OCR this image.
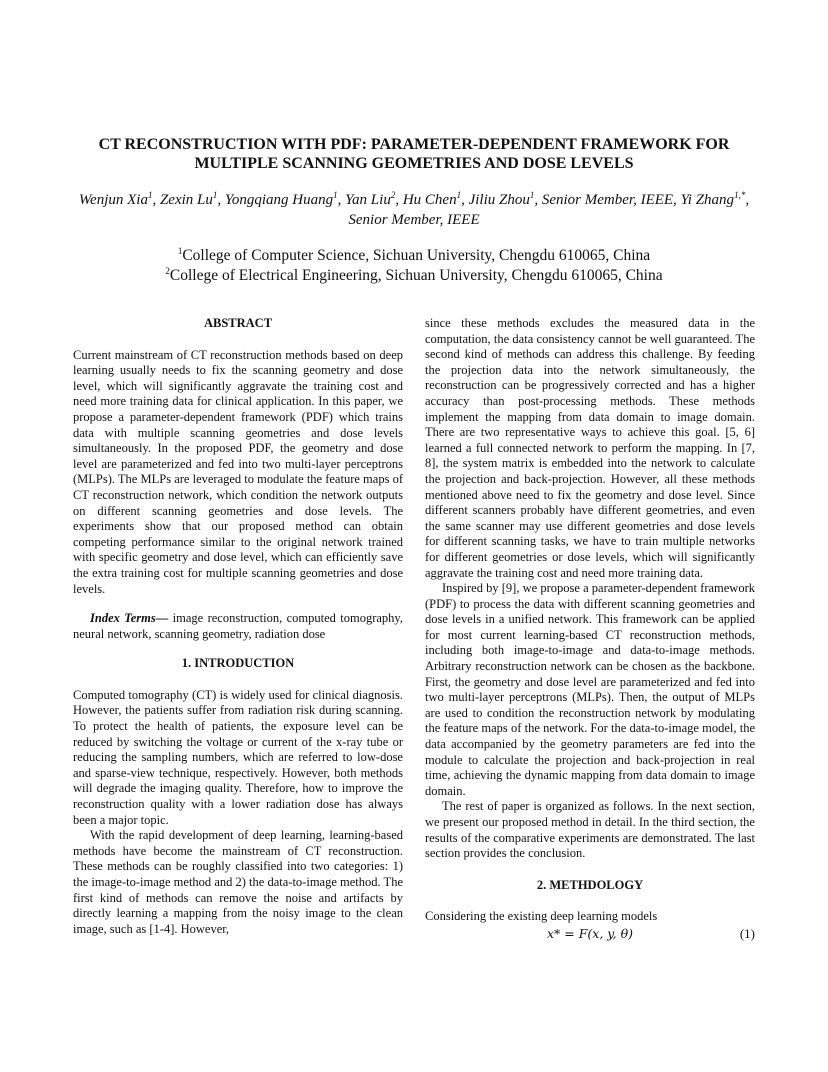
CT RECONSTRUCTION WITH PDF: PARAMETER-DEPENDENT FRAMEWORK FOR
MULTIPLE SCANNING GEOMETRIES AND DOSE LEVELS
Wenjun Xia$^1$, Zexin Lu$^1$, Yongqiang Huang$^1$, Yan Liu$^2$, Hu Chen$^1$, Jiliu Zhou$^1$, Senior Member, IEEE, Yi Zhang$^{1,*}$, Senior Member, IEEE
$^1$College of Computer Science, Sichuan University, Chengdu 610065, China
$^2$College of Electrical Engineering, Sichuan University, Chengdu 610065, China

ABSTRACT

Current mainstream of CT reconstruction methods based on deep learning usually needs to fix the scanning geometry and dose level, which will significantly aggravate the training cost and need more training data for clinical application. In this paper, we propose a parameter-dependent framework (PDF) which trains data with multiple scanning geometries and dose levels simultaneously. In the proposed PDF, the geometry and dose level are parameterized and fed into two multi-layer perceptrons (MLPs). The MLPs are leveraged to modulate the feature maps of CT reconstruction network, which condition the network outputs on different scanning geometries and dose levels. The experiments show that our proposed method can obtain competing performance similar to the original network trained with specific geometry and dose level, which can efficiently save the extra training cost for multiple scanning geometries and dose levels.

Index Terms— image reconstruction, computed tomography, neural network, scanning geometry, radiation dose

1. INTRODUCTION

Computed tomography (CT) is widely used for clinical diagnosis. However, the patients suffer from radiation risk during scanning. To protect the health of patients, the exposure level can be reduced by switching the voltage or current of the x-ray tube or reducing the sampling numbers, which are referred to low-dose and sparse-view technique, respectively. However, both methods will degrade the imaging quality. Therefore, how to improve the reconstruction quality with a lower radiation dose has always been a major topic.

With the rapid development of deep learning, learning-based methods have become the mainstream of CT reconstruction. These methods can be roughly classified into two categories: 1) the image-to-image method and 2) the data-to-image method. The first kind of methods can remove the noise and artifacts by directly learning a mapping from the noisy image to the clean image, such as [1-4]. However,

since these methods excludes the measured data in the computation, the data consistency cannot be well guaranteed. The second kind of methods can address this challenge. By feeding the projection data into the network simultaneously, the reconstruction can be progressively corrected and has a higher accuracy than post-processing methods. These methods implement the mapping from data domain to image domain. There are two representative ways to achieve this goal. [5, 6] learned a full connected network to perform the mapping. In [7, 8], the system matrix is embedded into the network to calculate the projection and back-projection. However, all these methods mentioned above need to fix the geometry and dose level. Since different scanners probably have different geometries, and even the same scanner may use different geometries and dose levels for different scanning tasks, we have to train multiple networks for different geometries or dose levels, which will significantly aggravate the training cost and need more training data.

Inspired by [9], we propose a parameter-dependent framework (PDF) to process the data with different scanning geometries and dose levels in a unified network. This framework can be applied for most current learning-based CT reconstruction methods, including both image-to-image and data-to-image methods. Arbitrary reconstruction network can be chosen as the backbone. First, the geometry and dose level are parameterized and fed into two multi-layer perceptrons (MLPs). Then, the output of MLPs are used to condition the reconstruction network by modulating the feature maps of the network. For the data-to-image model, the data accompanied by the geometry parameters are fed into the module to calculate the projection and back-projection in real time, achieving the dynamic mapping from data domain to image domain.

The rest of paper is organized as follows. In the next section, we present our proposed method in detail. In the third section, the results of the comparative experiments are demonstrated. The last section provides the conclusion.

2. METHDOLOGY

Considering the existing deep learning models

x* = F(x, y, θ)	(1)
